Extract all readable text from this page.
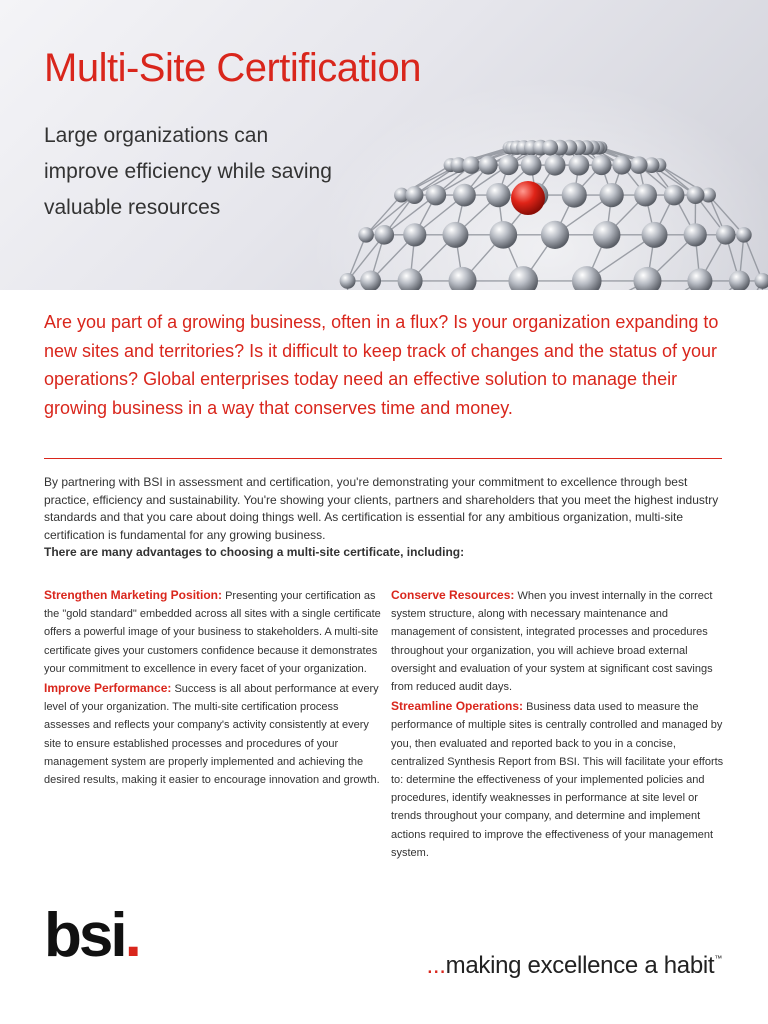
Multi-Site Certification

Large organizations can improve efficiency while saving valuable resources

Are you part of a growing business, often in a flux? Is your organization expanding to new sites and territories? Is it difficult to keep track of changes and the status of your operations? Global enterprises today need an effective solution to manage their growing business in a way that conserves time and money.

By partnering with BSI in assessment and certification, you're demonstrating your commitment to excellence through best practice, efficiency and sustainability. You're showing your clients, partners and shareholders that you meet the highest industry standards and that you care about doing things well. As certification is essential for any ambitious organization, multi-site certification is fundamental for any growing business.
There are many advantages to choosing a multi-site certificate, including:

Strengthen Marketing Position: Presenting your certification as the "gold standard" embedded across all sites with a single certificate offers a powerful image of your business to stakeholders. A multi-site certificate gives your customers confidence because it demonstrates your commitment to excellence in every facet of your organization.

Improve Performance: Success is all about performance at every level of your organization. The multi-site certification process assesses and reflects your company's activity consistently at every site to ensure established processes and procedures of your management system are properly implemented and achieving the desired results, making it easier to encourage innovation and growth.

Conserve Resources: When you invest internally in the correct system structure, along with necessary maintenance and management of consistent, integrated processes and procedures throughout your organization, you will achieve broad external oversight and evaluation of your system at significant cost savings from reduced audit days.

Streamline Operations: Business data used to measure the performance of multiple sites is centrally controlled and managed by you, then evaluated and reported back to you in a concise, centralized Synthesis Report from BSI. This will facilitate your efforts to: determine the effectiveness of your implemented policies and procedures, identify weaknesses in performance at site level or trends throughout your company, and determine and implement actions required to improve the effectiveness of your management system.

bsi.	...making excellence a habit™
